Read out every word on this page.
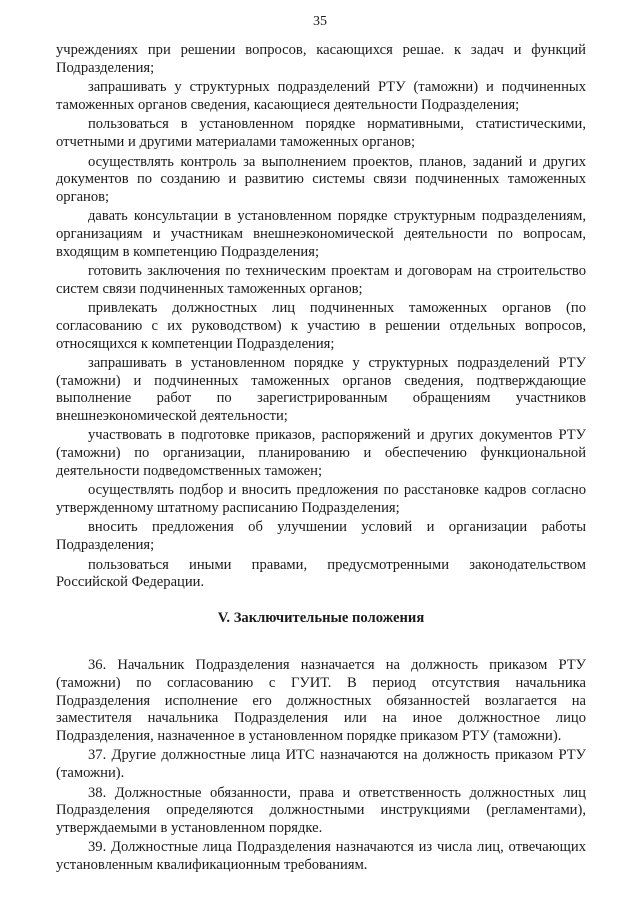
35

учреждениях при решении вопросов, касающихся решае. к задач и функций Подразделения;

запрашивать у структурных подразделений РТУ (таможни) и подчиненных таможенных органов сведения, касающиеся деятельности Подразделения;

пользоваться в установленном порядке нормативными, статистическими, отчетными и другими материалами таможенных органов;

осуществлять контроль за выполнением проектов, планов, заданий и других документов по созданию и развитию системы связи подчиненных таможенных органов;

давать консультации в установленном порядке структурным подразделениям, организациям и участникам внешнеэкономической деятельности по вопросам, входящим в компетенцию Подразделения;

готовить заключения по техническим проектам и договорам на строительство систем связи подчиненных таможенных органов;

привлекать должностных лиц подчиненных таможенных органов (по согласованию с их руководством) к участию в решении отдельных вопросов, относящихся к компетенции Подразделения;

запрашивать в установленном порядке у структурных подразделений РТУ (таможни) и подчиненных таможенных органов сведения, подтверждающие выполнение работ по зарегистрированным обращениям участников внешнеэкономической деятельности;

участвовать в подготовке приказов, распоряжений и других документов РТУ (таможни) по организации, планированию и обеспечению функциональной деятельности подведомственных таможен;

осуществлять подбор и вносить предложения по расстановке кадров согласно утвержденному штатному расписанию Подразделения;

вносить предложения об улучшении условий и организации работы Подразделения;

пользоваться иными правами, предусмотренными законодательством Российской Федерации.

V. Заключительные положения

36. Начальник Подразделения назначается на должность приказом РТУ (таможни) по согласованию с ГУИТ. В период отсутствия начальника Подразделения исполнение его должностных обязанностей возлагается на заместителя начальника Подразделения или на иное должностное лицо Подразделения, назначенное в установленном порядке приказом РТУ (таможни).

37. Другие должностные лица ИТС назначаются на должность приказом РТУ (таможни).

38. Должностные обязанности, права и ответственность должностных лиц Подразделения определяются должностными инструкциями (регламентами), утверждаемыми в установленном порядке.

39. Должностные лица Подразделения назначаются из числа лиц, отвечающих установленным квалификационным требованиям.
